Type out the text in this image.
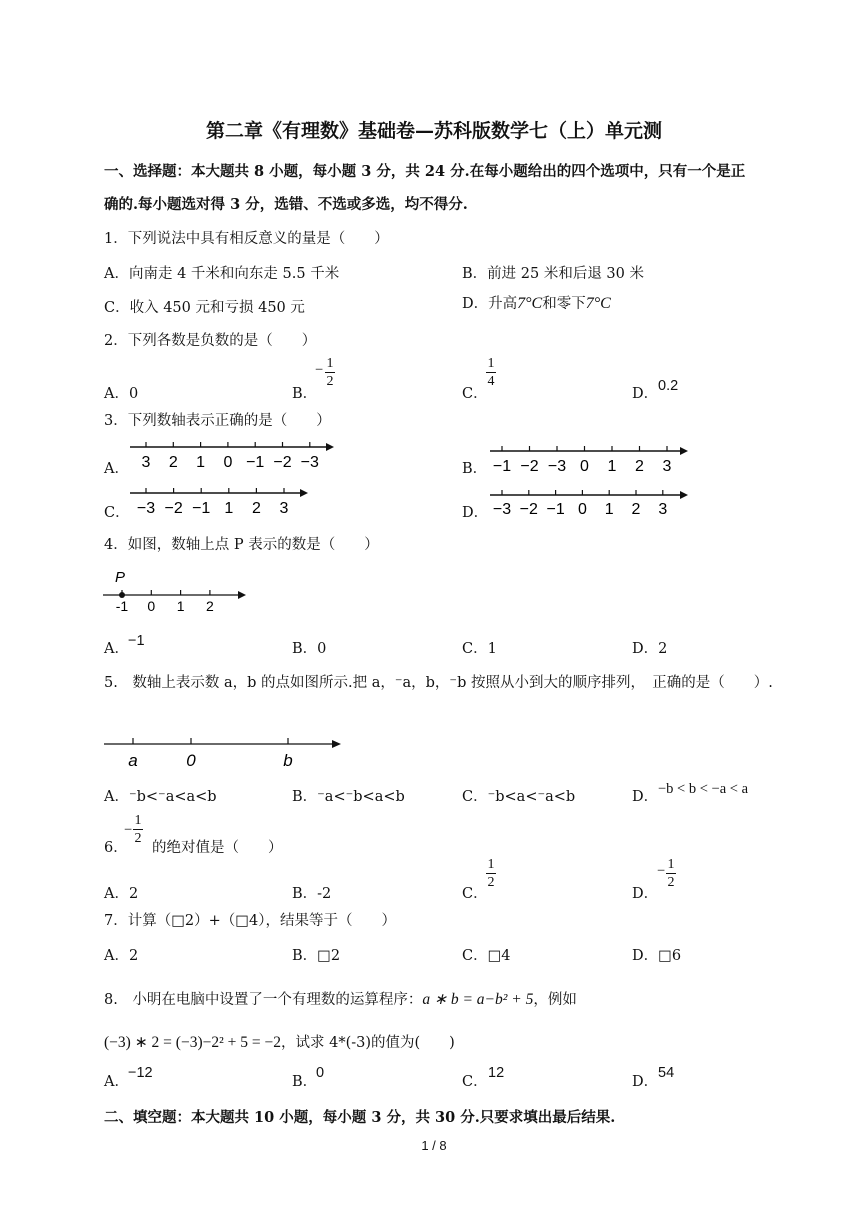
第二章《有理数》基础卷—苏科版数学七（上）单元测
一、选择题：本大题共 8 小题，每小题 3 分，共 24 分.在每小题给出的四个选项中，只有一个是正
确的.每小题选对得 3 分，选错、不选或多选，均不得分.
1．下列说法中具有相反意义的量是（　　）
A．向南走 4 千米和向东走 5.5 千米	B．前进 25 米和后退 30 米
C．收入 450 元和亏损 450 元	D．升高7°C和零下7°C
2．下列各数是负数的是（　　）
A．0	B．
− 1
2
C．
1
4
D． 0.2
3．下列数轴表示正确的是（　　）
A．	B．
C．	D．
3 2 1 0 −1 −2 −3	−1 −2 −3 0 1 2 3
−3 −2 −1 1 2 3	−3 −2 −1 0 1 2 3
4．如图，数轴上点 P 表示的数是（　　）
P
-1 0 1 2
A． −1	B．0	C．1	D．2
5.　数轴上表示数 a，b 的点如图所示.把 a，⁻a，b，⁻b 按照从小到大的顺序排列，　正确的是（　　）.
a	0	b
A．⁻b<⁻a<a<b	B．⁻a<⁻b<a<b	C．⁻b<a<⁻a<b	D． −b < b < −a < a
6．
−
1
2
的绝对值是（　　）
A．2	B．-2	C．
1
2
D．
− 1
2
7．计算（□2）+（□4），结果等于（　　）
A．2	B．□2	C．□4	D．□6
8.　小明在电脑中设置了一个有理数的运算程序：a ∗ b = a−b² + 5，例如
(−3) ∗ 2 = (−3)−2² + 5 = −2，试求 4*(-3)的值为(　　)
A．
−12
B．
0
C．
12
D．
54
二、填空题：本大题共 10 小题，每小题 3 分，共 30 分.只要求填出最后结果.
1 / 8
